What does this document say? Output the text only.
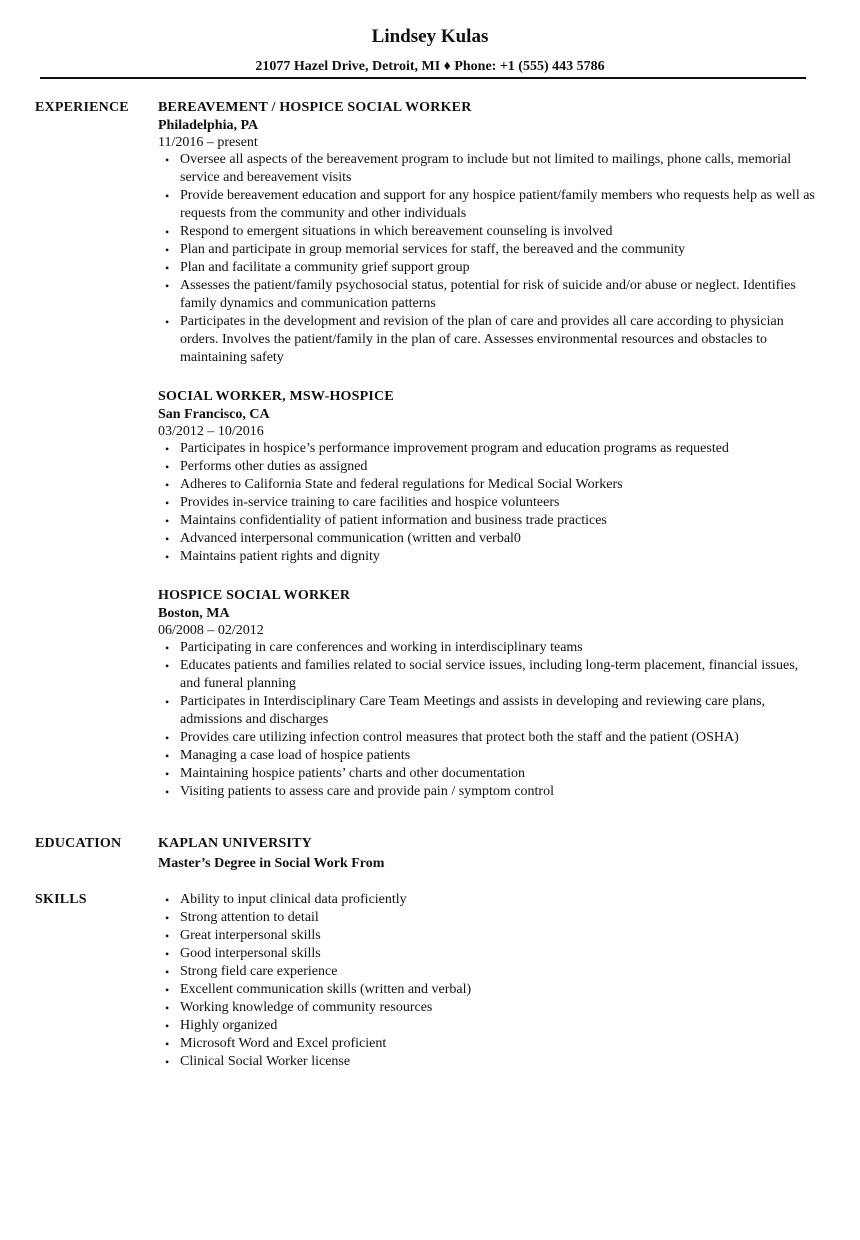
Lindsey Kulas
21077 Hazel Drive, Detroit, MI ♦ Phone: +1 (555) 443 5786
EXPERIENCE BEREAVEMENT / HOSPICE SOCIAL WORKER
Philadelphia, PA
11/2016 – present
• Oversee all aspects of the bereavement program to include but not limited to mailings, phone calls, memorial service and bereavement visits
• Provide bereavement education and support for any hospice patient/family members who requests help as well as requests from the community and other individuals
• Respond to emergent situations in which bereavement counseling is involved
• Plan and participate in group memorial services for staff, the bereaved and the community
• Plan and facilitate a community grief support group
• Assesses the patient/family psychosocial status, potential for risk of suicide and/or abuse or neglect. Identifies family dynamics and communication patterns
• Participates in the development and revision of the plan of care and provides all care according to physician orders. Involves the patient/family in the plan of care. Assesses environmental resources and obstacles to maintaining safety
SOCIAL WORKER, MSW-HOSPICE
San Francisco, CA
03/2012 – 10/2016
• Participates in hospice’s performance improvement program and education programs as requested
• Performs other duties as assigned
• Adheres to California State and federal regulations for Medical Social Workers
• Provides in-service training to care facilities and hospice volunteers
• Maintains confidentiality of patient information and business trade practices
• Advanced interpersonal communication (written and verbal0
• Maintains patient rights and dignity
HOSPICE SOCIAL WORKER
Boston, MA
06/2008 – 02/2012
• Participating in care conferences and working in interdisciplinary teams
• Educates patients and families related to social service issues, including long-term placement, financial issues, and funeral planning
• Participates in Interdisciplinary Care Team Meetings and assists in developing and reviewing care plans, admissions and discharges
• Provides care utilizing infection control measures that protect both the staff and the patient (OSHA)
• Managing a case load of hospice patients
• Maintaining hospice patients’ charts and other documentation
• Visiting patients to assess care and provide pain / symptom control
EDUCATION	KAPLAN UNIVERSITY
Master’s Degree in Social Work From
SKILLS
•	Ability to input clinical data proficiently
• Strong attention to detail
• Great interpersonal skills
• Good interpersonal skills
• Strong field care experience
• Excellent communication skills (written and verbal)
• Working knowledge of community resources
• Highly organized
• Microsoft Word and Excel proficient
• Clinical Social Worker license
